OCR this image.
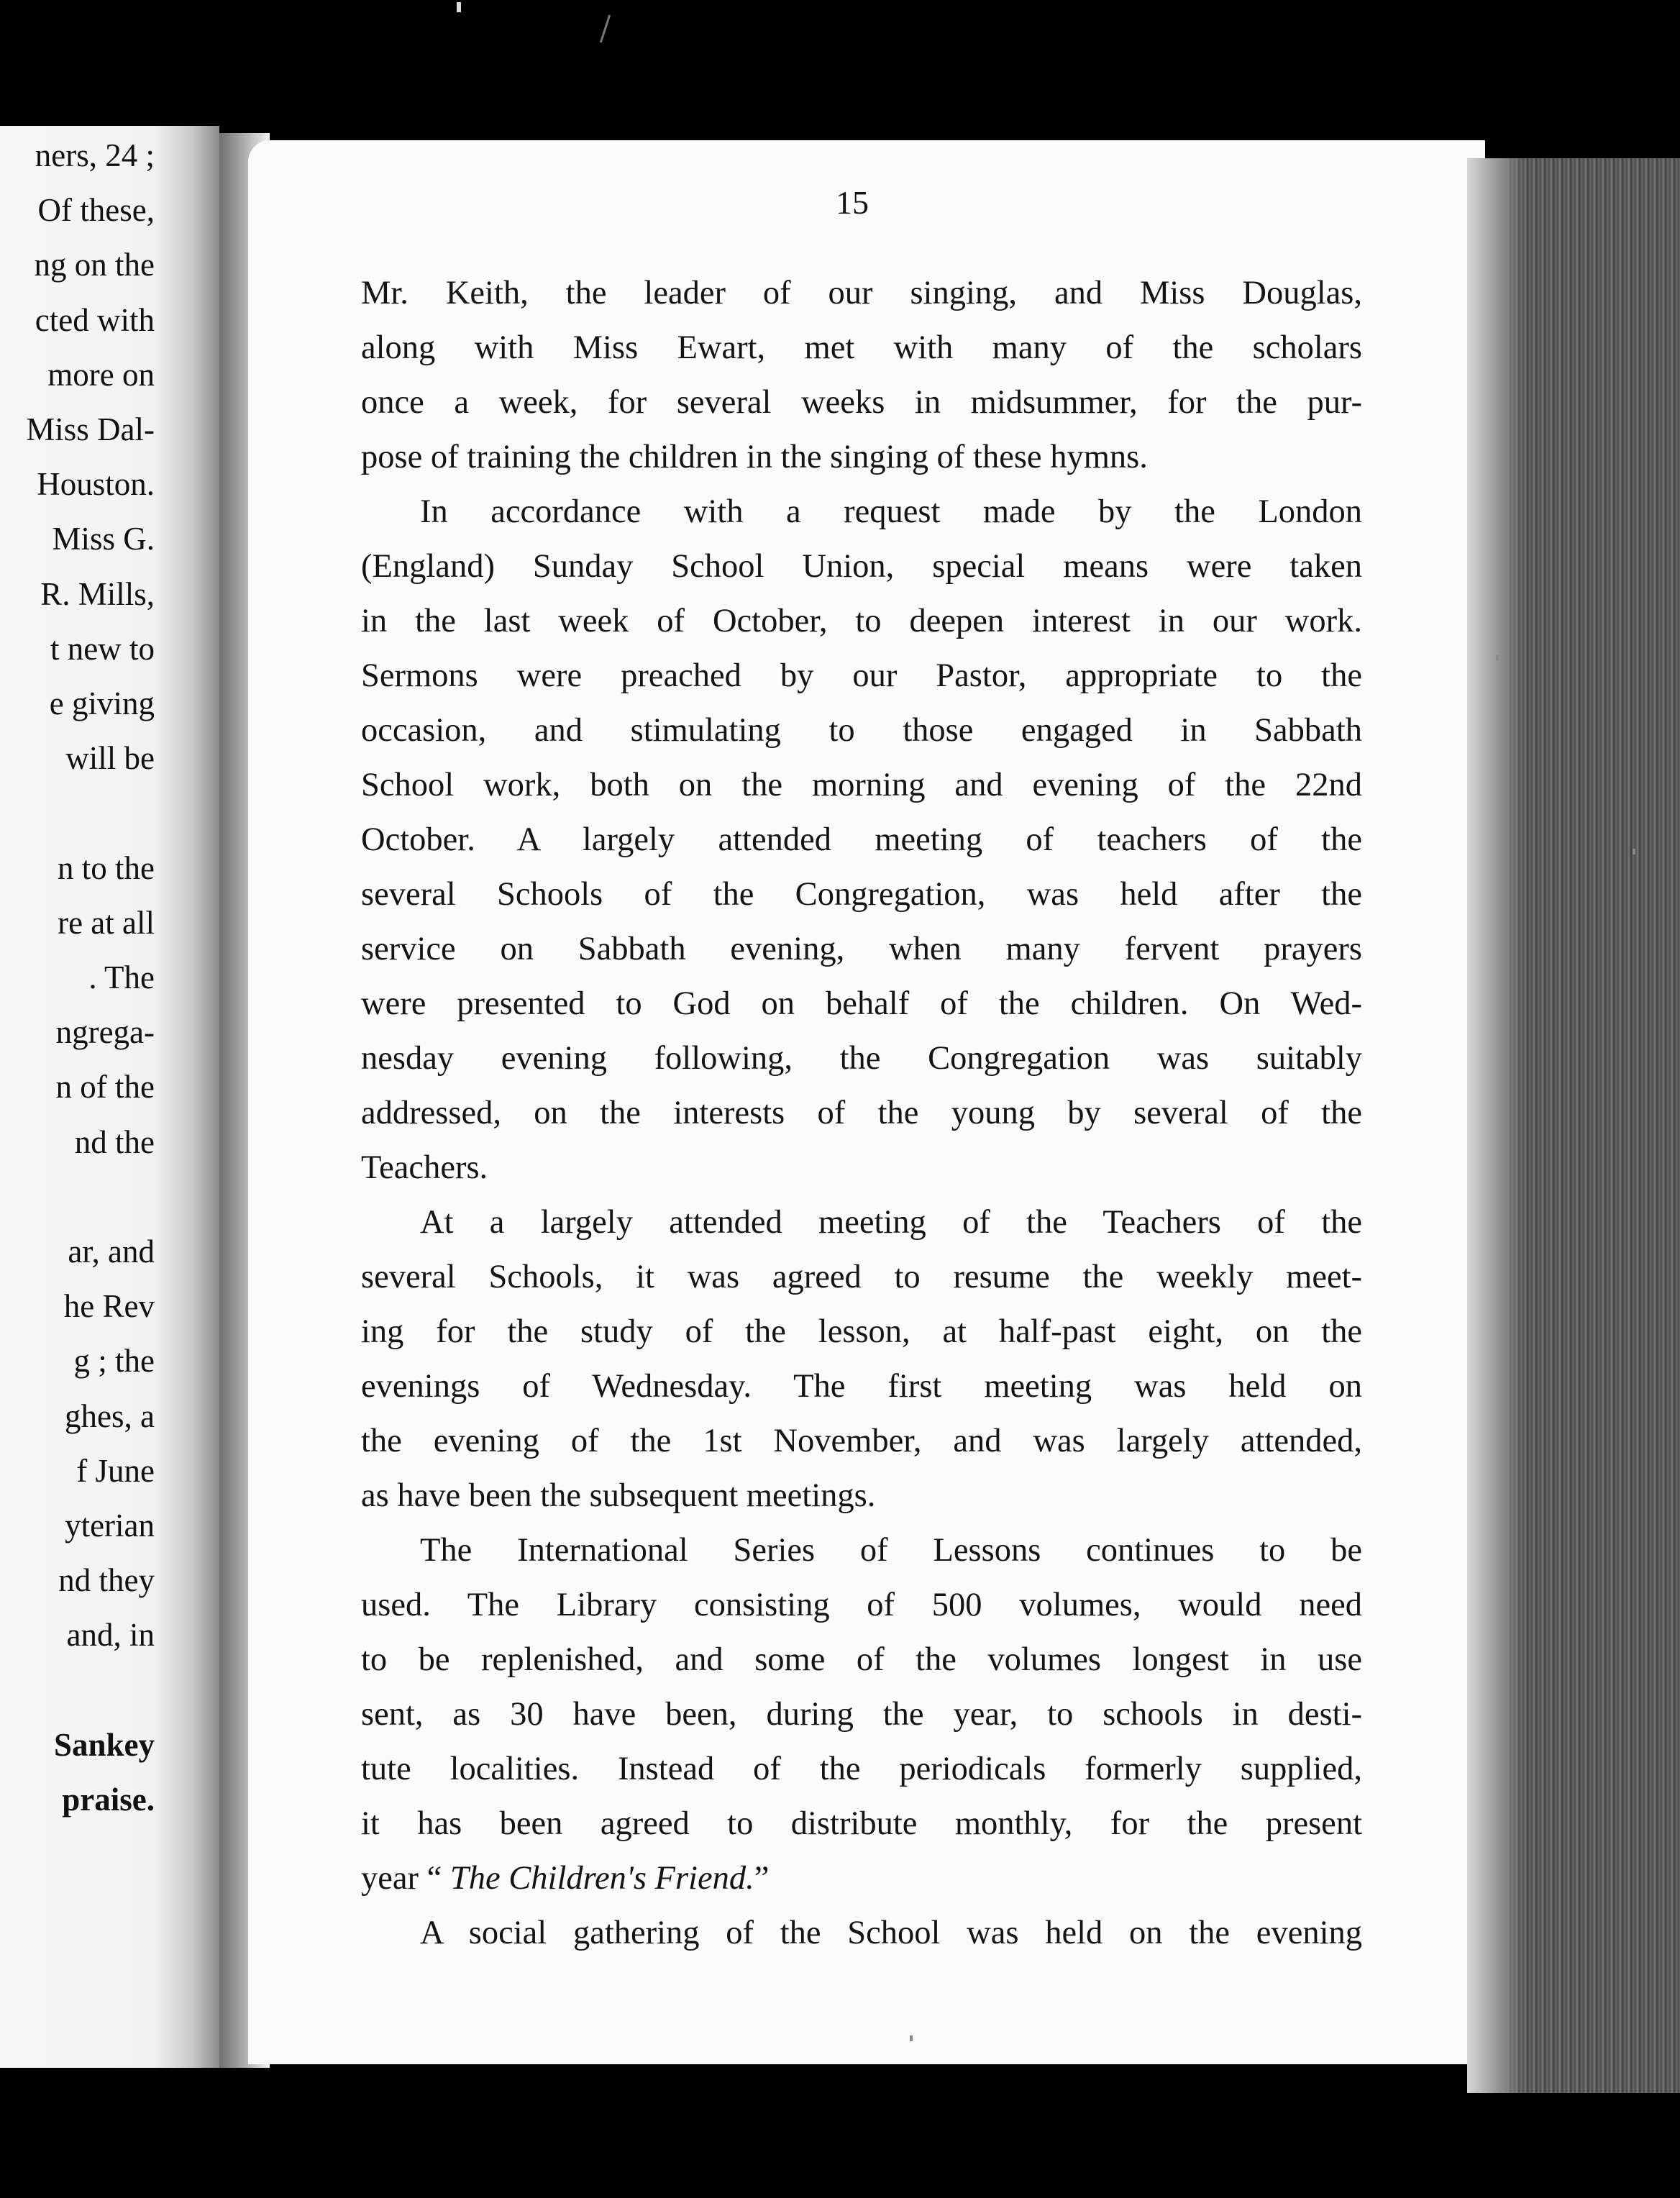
ners, 24 ;
Of these,
ng on the
cted with
more on
Miss Dal-
Houston.
Miss G.
R. Mills,
t new to
e giving
will be
n to the
re at all
. The
ngrega-
n of the
nd the
ar, and
he Rev
g ; the
ghes, a
f June
yterian
nd they
and, in
Sankey
praise.
15
Mr. Keith, the leader of our singing, and Miss Douglas,
along with Miss Ewart, met with many of the scholars
once a week, for several weeks in midsummer, for the pur-
pose of training the children in the singing of these hymns.
In accordance with a request made by the London
(England) Sunday School Union, special means were taken
in the last week of October, to deepen interest in our work.
Sermons were preached by our Pastor, appropriate to the
occasion, and stimulating to those engaged in Sabbath
School work, both on the morning and evening of the 22nd
October. A largely attended meeting of teachers of the
several Schools of the Congregation, was held after the
service on Sabbath evening, when many fervent prayers
were presented to God on behalf of the children. On Wed-
nesday evening following, the Congregation was suitably
addressed, on the interests of the young by several of the
Teachers.
At a largely attended meeting of the Teachers of the
several Schools, it was agreed to resume the weekly meet-
ing for the study of the lesson, at half-past eight, on the
evenings of Wednesday. The first meeting was held on
the evening of the 1st November, and was largely attended,
as have been the subsequent meetings.
The International Series of Lessons continues to be
used. The Library consisting of 500 volumes, would need
to be replenished, and some of the volumes longest in use
sent, as 30 have been, during the year, to schools in desti-
tute localities. Instead of the periodicals formerly supplied,
it has been agreed to distribute monthly, for the present
year “ The Children's Friend.”
A social gathering of the School was held on the evening
